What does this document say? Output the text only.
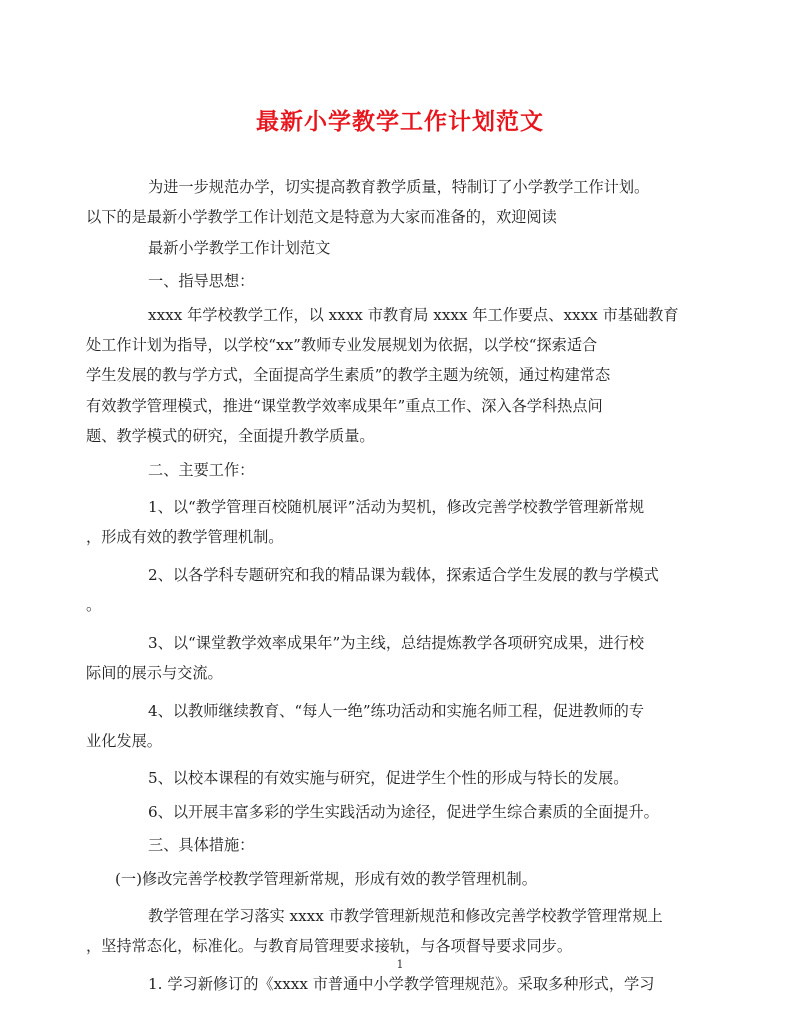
最新小学教学工作计划范文

为进一步规范办学，切实提高教育教学质量，特制订了小学教学工作计划。
以下的是最新小学教学工作计划范文是特意为大家而准备的，欢迎阅读

最新小学教学工作计划范文

一、指导思想：

xxxx 年学校教学工作，以 xxxx 市教育局 xxxx 年工作要点、xxxx 市基础教育
处工作计划为指导，以学校“xx”教师专业发展规划为依据，以学校“探索适合
学生发展的教与学方式，全面提高学生素质”的教学主题为统领，通过构建常态
有效教学管理模式，推进“课堂教学效率成果年”重点工作、深入各学科热点问
题、教学模式的研究，全面提升教学质量。

二、主要工作：

1、以“教学管理百校随机展评”活动为契机，修改完善学校教学管理新常规
，形成有效的教学管理机制。

2、以各学科专题研究和我的精品课为载体，探索适合学生发展的教与学模式
。

3、以“课堂教学效率成果年”为主线，总结提炼教学各项研究成果，进行校
际间的展示与交流。

4、以教师继续教育、“每人一绝”练功活动和实施名师工程，促进教师的专
业化发展。

5、以校本课程的有效实施与研究，促进学生个性的形成与特长的发展。

6、以开展丰富多彩的学生实践活动为途径，促进学生综合素质的全面提升。

三、具体措施：

(一)修改完善学校教学管理新常规，形成有效的教学管理机制。

教学管理在学习落实 xxxx 市教学管理新规范和修改完善学校教学管理常规上
，坚持常态化，标准化。与教育局管理要求接轨，与各项督导要求同步。

1. 学习新修订的《xxxx 市普通中小学教学管理规范》。采取多种形式，学习

1
